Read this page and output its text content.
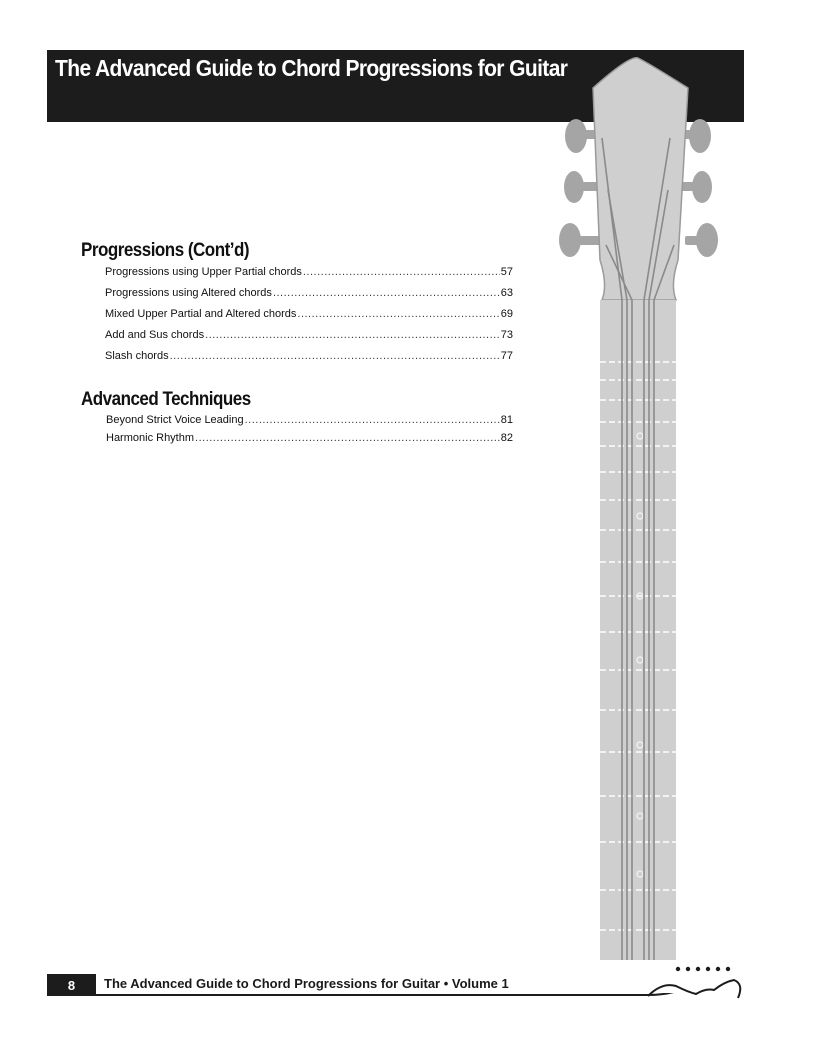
The Advanced Guide to Chord Progressions for Guitar
Progressions (Cont’d)
Progressions using Upper Partial chords .....	57
Progressions using Altered chords .....	63
Mixed Upper Partial and Altered chords .....	69
Add and Sus chords .....	73
Slash chords .....	77
Advanced Techniques
Beyond Strict Voice Leading .....	81
Harmonic Rhythm .....	82
8	The Advanced Guide to Chord Progressions for Guitar • Volume 1
